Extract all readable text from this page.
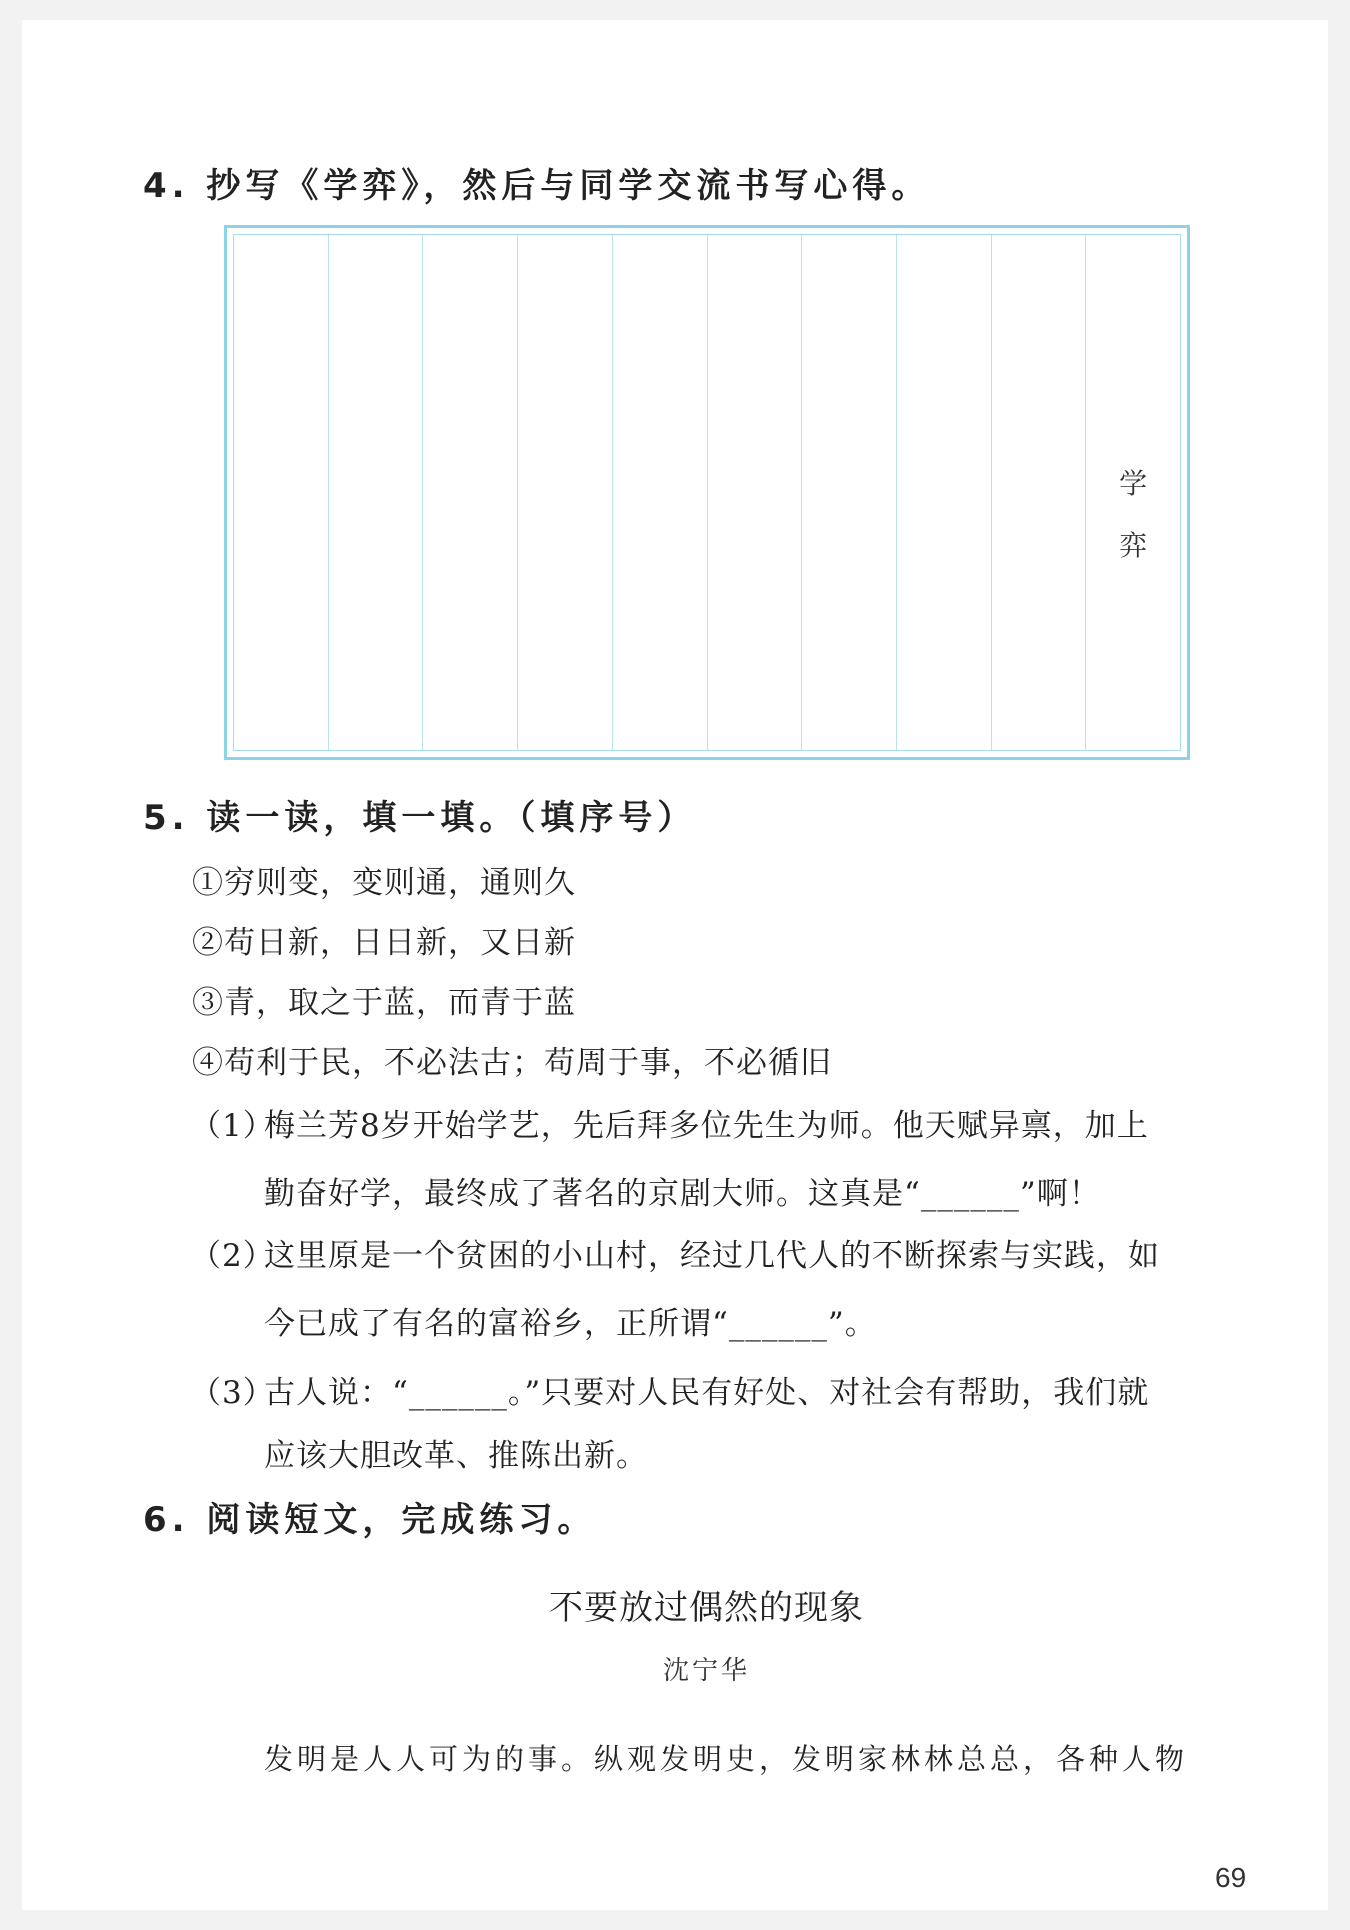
4. 抄写《学弈》，然后与同学交流书写心得。
学
弈
5. 读一读，填一填。（填序号）
①穷则变，变则通，通则久
②苟日新，日日新，又日新
③青，取之于蓝，而青于蓝
④苟利于民，不必法古；苟周于事，不必循旧
（1）
梅兰芳8岁开始学艺，先后拜多位先生为师。他天赋异禀，加上
勤奋好学，最终成了著名的京剧大师。这真是“______”啊！
（2）
这里原是一个贫困的小山村，经过几代人的不断探索与实践，如
今已成了有名的富裕乡，正所谓“______”。
（3）
古人说：“______。”只要对人民有好处、对社会有帮助，我们就
应该大胆改革、推陈出新。
6. 阅读短文，完成练习。
不要放过偶然的现象
沈宁华
发明是人人可为的事。纵观发明史，发明家林林总总，各种人物
69
